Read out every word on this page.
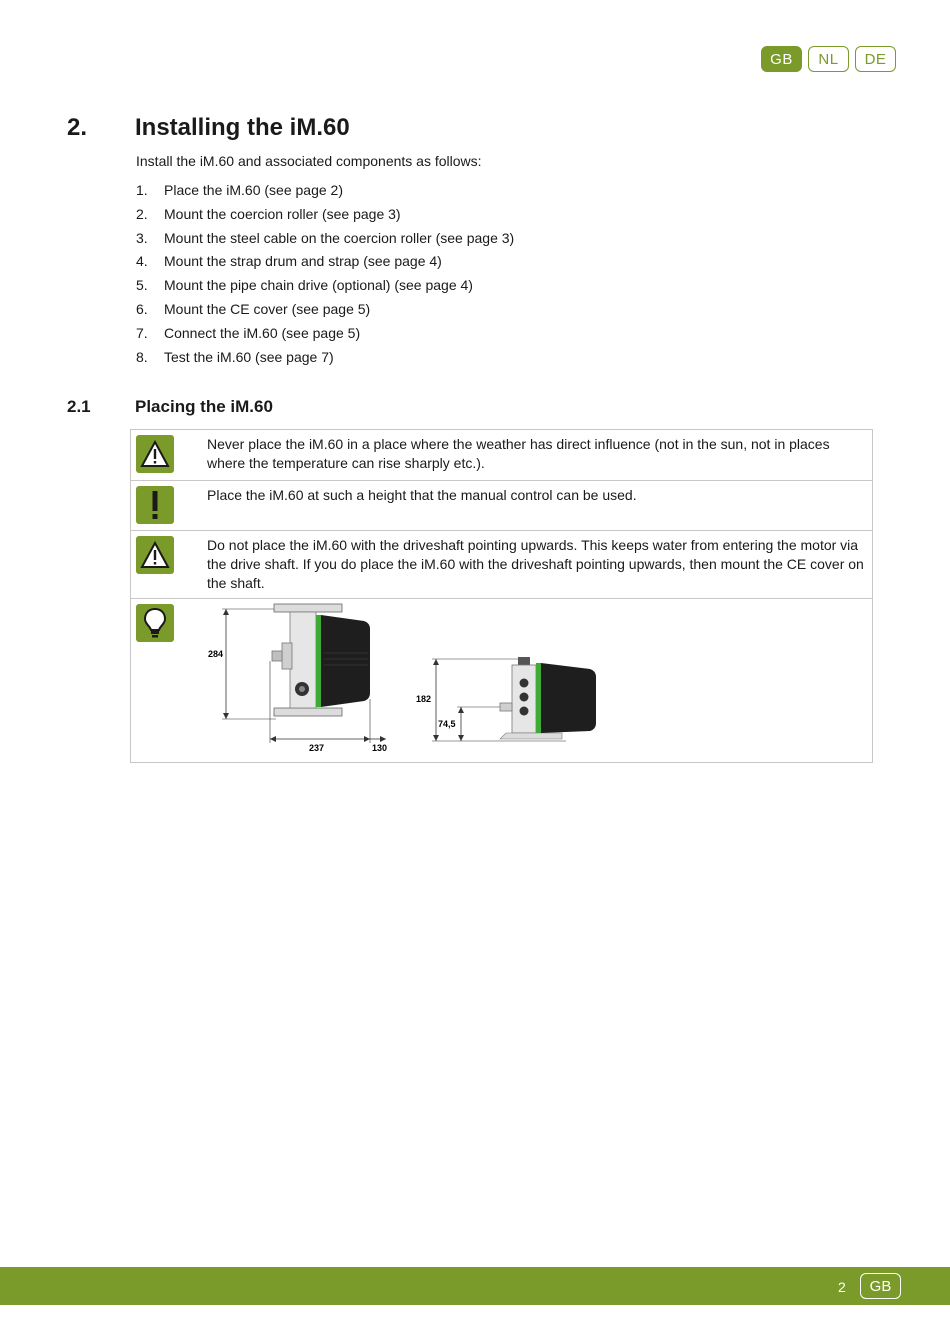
GB	NL	DE
2. Installing the iM.60
Install the iM.60 and associated components as follows:
1.	Place the iM.60 (see page 2)
2.	Mount the coercion roller (see page 3)
3.	Mount the steel cable on the coercion roller (see page 3)
4.	Mount the strap drum and strap (see page 4)
5.	Mount the pipe chain drive (optional) (see page 4)
6.	Mount the CE cover (see page 5)
7.	Connect the iM.60 (see page 5)
8.	Test the iM.60 (see page 7)
2.1	Placing the iM.60
Never place the iM.60 in a place where the weather has direct influence (not in the sun, not in places where the temperature can rise sharply etc.).
Place the iM.60 at such a height that the manual control can be used.
Do not place the iM.60 with the driveshaft pointing upwards. This keeps water from entering the motor via the drive shaft. If you do place the iM.60 with the driveshaft pointing upwards, then mount the CE cover on the shaft.
284
237	130
182
74,5
2	GB
